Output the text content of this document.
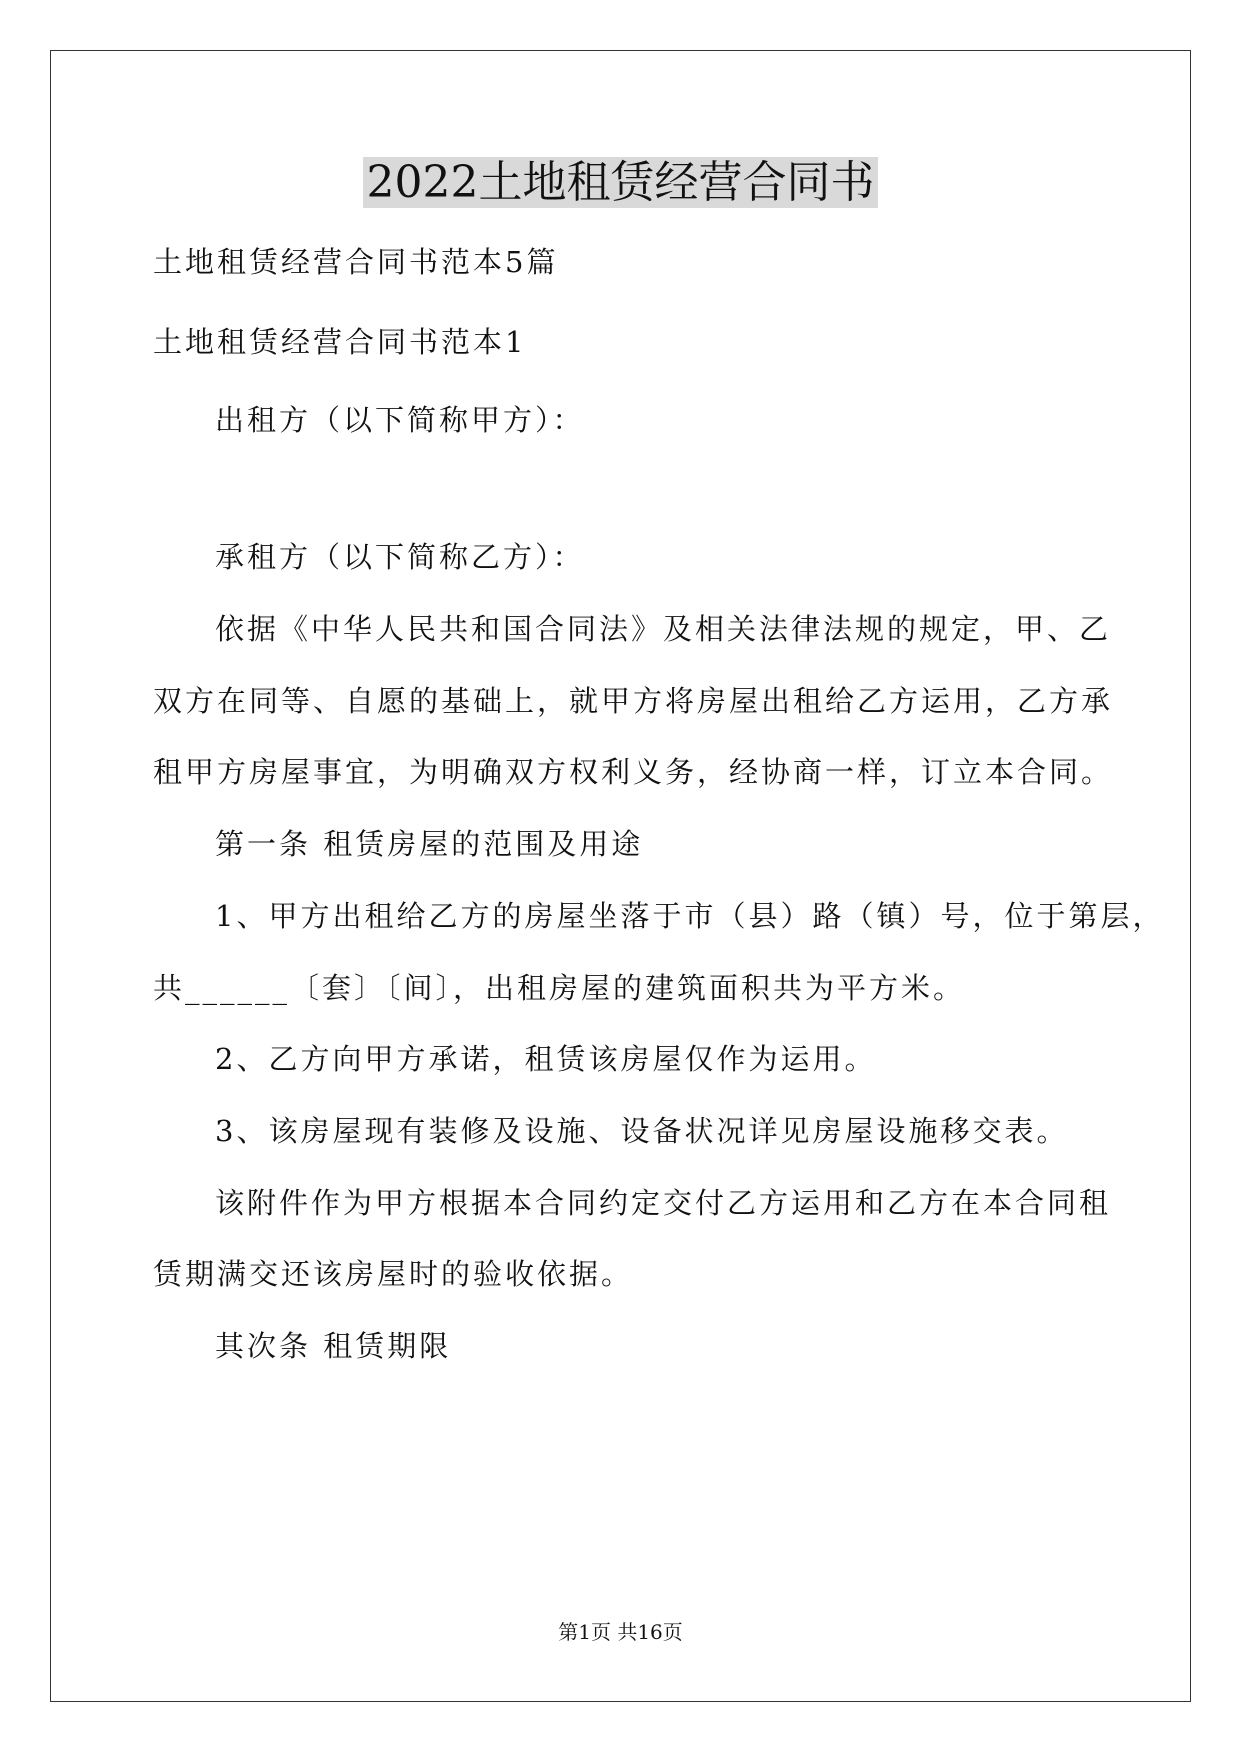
2022土地租赁经营合同书

土地租赁经营合同书范本5篇

土地租赁经营合同书范本1

出租方（以下简称甲方）：

承租方（以下简称乙方）：

依据《中华人民共和国合同法》及相关法律法规的规定，甲、乙

双方在同等、自愿的基础上，就甲方将房屋出租给乙方运用，乙方承

租甲方房屋事宜，为明确双方权利义务，经协商一样，订立本合同。

第一条 租赁房屋的范围及用途

1、甲方出租给乙方的房屋坐落于市（县）路（镇）号，位于第层，

共______〔套〕〔间〕，出租房屋的建筑面积共为平方米。

2、乙方向甲方承诺，租赁该房屋仅作为运用。

3、该房屋现有装修及设施、设备状况详见房屋设施移交表。

该附件作为甲方根据本合同约定交付乙方运用和乙方在本合同租

赁期满交还该房屋时的验收依据。

其次条 租赁期限

第1页 共16页
